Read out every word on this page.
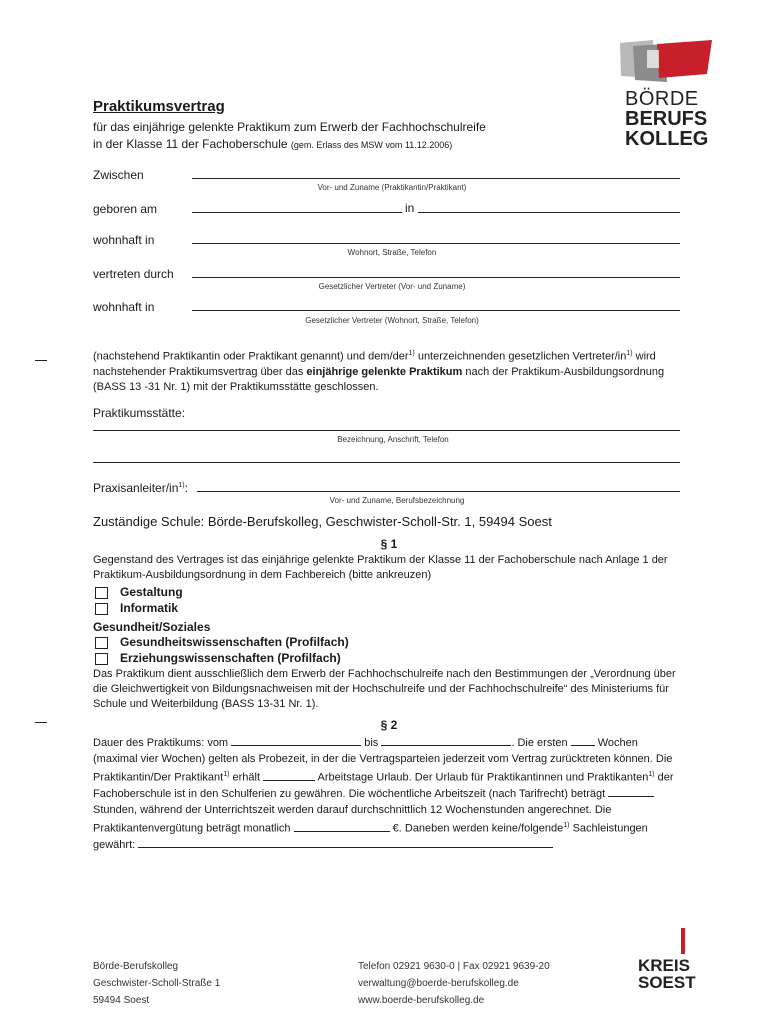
BÖRDE
BERUFS
KOLLEG
Praktikumsvertrag
für das einjährige gelenkte Praktikum zum Erwerb der Fachhochschulreife
in der Klasse 11 der Fachoberschule (gem. Erlass des MSW vom 11.12.2006)
Zwischen
Vor- und Zuname (Praktikantin/Praktikant)
geboren am	in
wohnhaft in
Wohnort, Straße, Telefon
vertreten durch
Gesetzlicher Vertreter (Vor- und Zuname)
wohnhaft in
Gesetzlicher Vertreter (Wohnort, Straße, Telefon)
(nachstehend Praktikantin oder Praktikant genannt) und dem/der$^{1)}$ unterzeichnenden gesetzlichen Vertreter/$in^{1)}$ wird nachstehender Praktikumsvertrag über das einjährige gelenkte Praktikum nach der Praktikum-Ausbildungsordnung (BASS 13 -31 Nr. 1) mit der Praktikumsstätte geschlossen.
Praktikumsstätte:
Bezeichnung, Anschrift, Telefon
Praxisanleiter/$in^{1)}$:
Vor- und Zuname, Berufsbezeichnung
Zuständige Schule: Börde-Berufskolleg, Geschwister-Scholl-Str. 1, 59494 Soest
§ 1
Gegenstand des Vertrages ist das einjährige gelenkte Praktikum der Klasse 11 der Fachoberschule nach Anlage 1 der Praktikum-Ausbildungsordnung in dem Fachbereich (bitte ankreuzen)
Gestaltung
Informatik
Gesundheit/Soziales
Gesundheitswissenschaften (Profilfach)
Erziehungswissenschaften (Profilfach)
Das Praktikum dient ausschließlich dem Erwerb der Fachhochschulreife nach den Bestimmungen der „Verordnung über die Gleichwertigkeit von Bildungsnachweisen mit der Hochschulreife und der Fachhochschulreife“ des Ministeriums für Schule und Weiterbildung (BASS 13-31 Nr. 1).
§ 2
Dauer des Praktikums: vom	bis	. Die ersten	Wochen (maximal vier Wochen) gelten als Probezeit, in der die Vertragsparteien jederzeit vom Vertrag zurücktreten können. Die Praktikantin/Der Praktikant$^{1)}$ erhält	Arbeitstage Urlaub. Der Urlaub für Praktikantinnen und Praktikanten$^{1)}$ der Fachoberschule ist in den Schulferien zu gewähren. Die wöchentliche Arbeitszeit (nach Tarifrecht) beträgt  Stunden, während der Unterrichtszeit werden darauf durchschnittlich 12 Wochenstunden angerechnet. Die Praktikantenvergütung beträgt monatlich	€. Daneben werden keine/folgende$^{1)}$ Sachleistungen gewährt:
Börde-Berufskolleg
Geschwister-Scholl-Straße 1
59494 Soest
Telefon 02921 9630-0 | Fax 02921 9639-20
verwaltung@boerde-berufskolleg.de
www.boerde-berufskolleg.de
KREIS
SOEST
